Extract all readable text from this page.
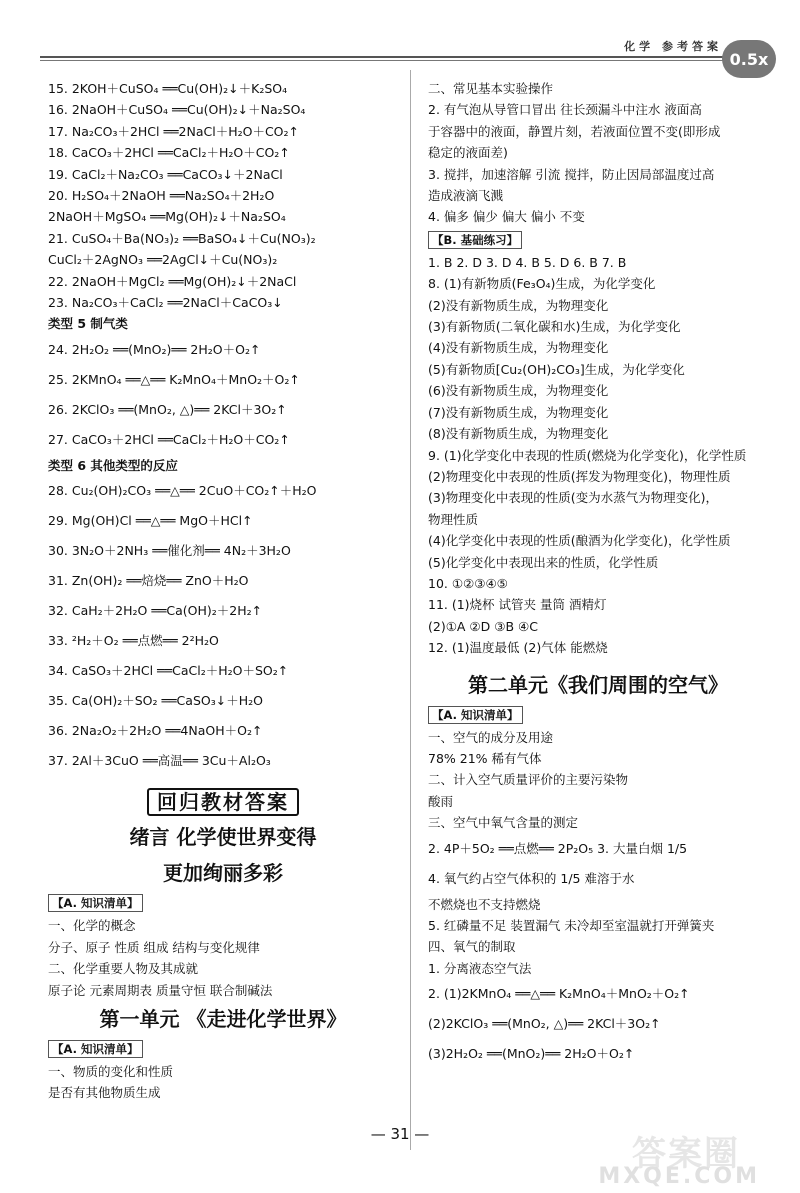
化学 参考答案
0.5x
15. 2KOH＋CuSO₄ ══Cu(OH)₂↓＋K₂SO₄
16. 2NaOH＋CuSO₄ ══Cu(OH)₂↓＋Na₂SO₄
17. Na₂CO₃＋2HCl ══2NaCl＋H₂O＋CO₂↑
18. CaCO₃＋2HCl ══CaCl₂＋H₂O＋CO₂↑
19. CaCl₂＋Na₂CO₃ ══CaCO₃↓＋2NaCl
20. H₂SO₄＋2NaOH ══Na₂SO₄＋2H₂O
2NaOH＋MgSO₄ ══Mg(OH)₂↓＋Na₂SO₄
21. CuSO₄＋Ba(NO₃)₂ ══BaSO₄↓＋Cu(NO₃)₂
CuCl₂＋2AgNO₃ ══2AgCl↓＋Cu(NO₃)₂
22. 2NaOH＋MgCl₂ ══Mg(OH)₂↓＋2NaCl
23. Na₂CO₃＋CaCl₂ ══2NaCl＋CaCO₃↓
类型 5 制气类
24. 2H₂O₂ ══(MnO₂)══ 2H₂O＋O₂↑
25. 2KMnO₄ ══△══ K₂MnO₄＋MnO₂＋O₂↑
26. 2KClO₃ ══(MnO₂, △)══ 2KCl＋3O₂↑
27. CaCO₃＋2HCl ══CaCl₂＋H₂O＋CO₂↑
类型 6 其他类型的反应
28. Cu₂(OH)₂CO₃ ══△══ 2CuO＋CO₂↑＋H₂O
29. Mg(OH)Cl ══△══ MgO＋HCl↑
30. 3N₂O＋2NH₃ ══催化剂══ 4N₂＋3H₂O
31. Zn(OH)₂ ══焙烧══ ZnO＋H₂O
32. CaH₂＋2H₂O ══Ca(OH)₂＋2H₂↑
33. ²H₂＋O₂ ══点燃══ 2²H₂O
34. CaSO₃＋2HCl ══CaCl₂＋H₂O＋SO₂↑
35. Ca(OH)₂＋SO₂ ══CaSO₃↓＋H₂O
36. 2Na₂O₂＋2H₂O ══4NaOH＋O₂↑
37. 2Al＋3CuO ══高温══ 3Cu＋Al₂O₃
回归教材答案
绪言 化学使世界变得
更加绚丽多彩
【A. 知识清单】
一、化学的概念
分子、原子 性质 组成 结构与变化规律
二、化学重要人物及其成就
原子论 元素周期表 质量守恒 联合制碱法
第一单元 《走进化学世界》
【A. 知识清单】
一、物质的变化和性质
是否有其他物质生成
二、常见基本实验操作
2. 有气泡从导管口冒出 往长颈漏斗中注水 液面高
于容器中的液面，静置片刻，若液面位置不变(即形成
稳定的液面差)
3. 搅拌，加速溶解 引流 搅拌，防止因局部温度过高
造成液滴飞溅
4. 偏多 偏少 偏大 偏小 不变
【B. 基础练习】
1. B 2. D 3. D 4. B 5. D 6. B 7. B
8. (1)有新物质(Fe₃O₄)生成，为化学变化
(2)没有新物质生成，为物理变化
(3)有新物质(二氧化碳和水)生成，为化学变化
(4)没有新物质生成，为物理变化
(5)有新物质[Cu₂(OH)₂CO₃]生成，为化学变化
(6)没有新物质生成，为物理变化
(7)没有新物质生成，为物理变化
(8)没有新物质生成，为物理变化
9. (1)化学变化中表现的性质(燃烧为化学变化)，化学性质
(2)物理变化中表现的性质(挥发为物理变化)，物理性质
(3)物理变化中表现的性质(变为水蒸气为物理变化)，
物理性质
(4)化学变化中表现的性质(酿酒为化学变化)，化学性质
(5)化学变化中表现出来的性质，化学性质
10. ①②③④⑤
11. (1)烧杯 试管夹 量筒 酒精灯
(2)①A ②D ③B ④C
12. (1)温度最低 (2)气体 能燃烧
第二单元《我们周围的空气》
【A. 知识清单】
一、空气的成分及用途
78% 21% 稀有气体
二、计入空气质量评价的主要污染物
酸雨
三、空气中氧气含量的测定
2. 4P＋5O₂ ══点燃══ 2P₂O₅ 3. 大量白烟 1/5
4. 氧气约占空气体积的 1/5 难溶于水
不燃烧也不支持燃烧
5. 红磷量不足 装置漏气 未冷却至室温就打开弹簧夹
四、氧气的制取
1. 分离液态空气法
2. (1)2KMnO₄ ══△══ K₂MnO₄＋MnO₂＋O₂↑
(2)2KClO₃ ══(MnO₂, △)══ 2KCl＋3O₂↑
(3)2H₂O₂ ══(MnO₂)══ 2H₂O＋O₂↑
— 31 —	答案圈
MXQE.COM
